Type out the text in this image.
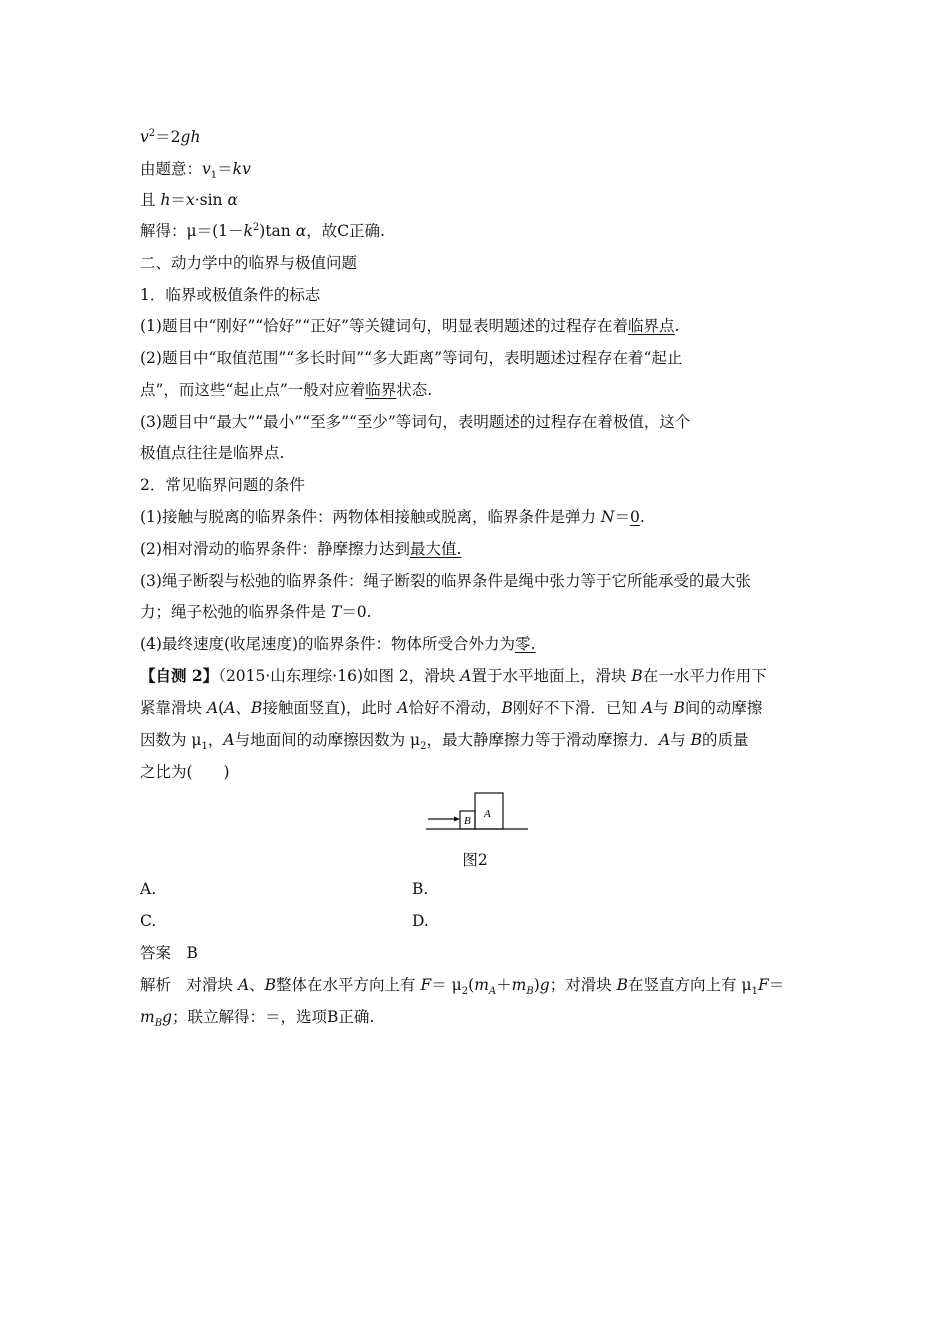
$v^2=2gh$
由题意：$v_1=kv$
且 h＝x·sin α
解得：$\mu=(1-k^2)\tan$ α，故C正确.
二、动力学中的临界与极值问题
1．临界或极值条件的标志
(1)题目中“刚好”“恰好”“正好”等关键词句，明显表明题述的过程存在着临界点.
(2)题目中“取值范围”“多长时间”“多大距离”等词句，表明题述过程存在着“起止
点”，而这些“起止点”一般对应着临界状态.
(3)题目中“最大”“最小”“至多”“至少”等词句，表明题述的过程存在着极值，这个
极值点往往是临界点.
2．常见临界问题的条件
(1)接触与脱离的临界条件：两物体相接触或脱离，临界条件是弹力 N＝0.
(2)相对滑动的临界条件：静摩擦力达到最大值.
(3)绳子断裂与松弛的临界条件：绳子断裂的临界条件是绳中张力等于它所能承受的最大张
力；绳子松弛的临界条件是 T＝0.
(4)最终速度(收尾速度)的临界条件：物体所受合外力为零.
【自测 2】（2015·山东理综·16)如图 2，滑块 A置于水平地面上，滑块 B在一水平力作用下
紧靠滑块 A(A、B接触面竖直)，此时 A恰好不滑动，B刚好不下滑．已知 A与 B间的动摩擦
因数为 $\mu_1$，A与地面间的动摩擦因数为 $\mu_2$，最大静摩擦力等于滑动摩擦力．A与 B的质量
之比为(　　)
B
A
图2
A.	B.
C.	D.
答案　B
解析　对滑块 A、B整体在水平方向上有 $F= \mu_2(m_A+m_B)g$；对滑块 B在竖直方向上有 $\mu_1F=$
$m_Bg$；联立解得：＝，选项B正确.
